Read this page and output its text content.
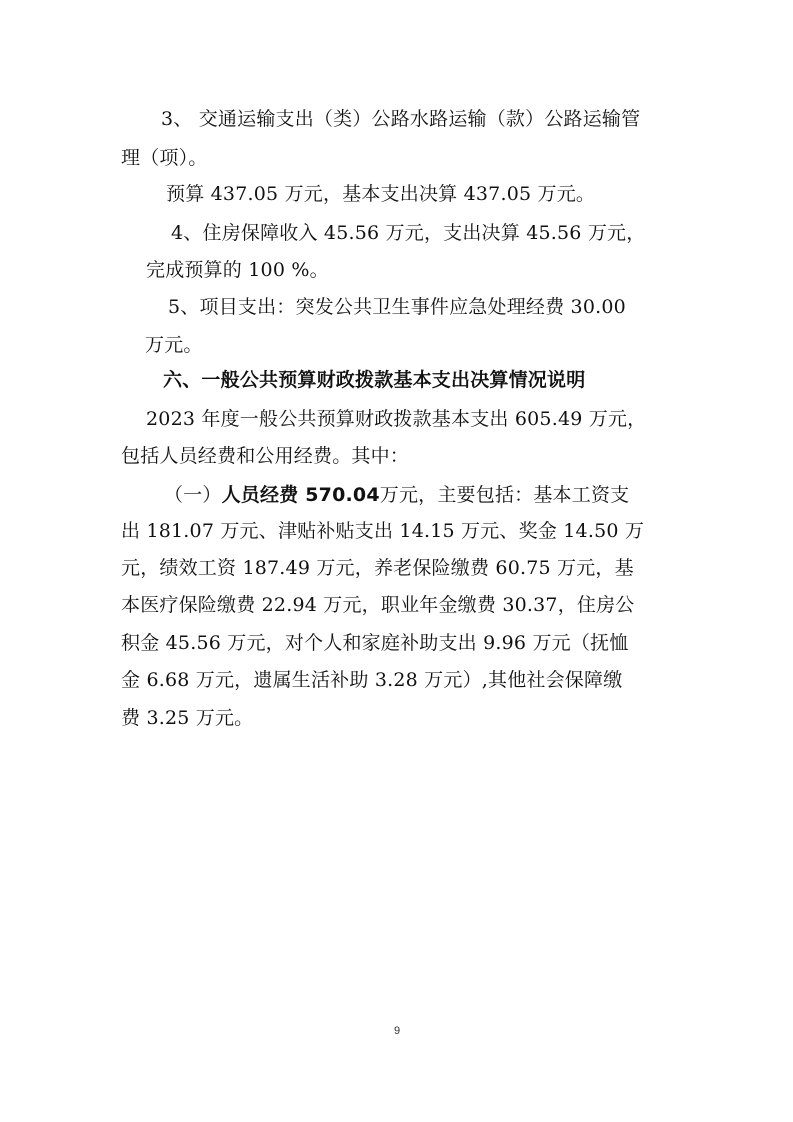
3、 交通运输支出（类）公路水路运输（款）公路运输管
理（项）。
预算 437.05 万元，基本支出决算 437.05 万元。
4、住房保障收入 45.56 万元，支出决算 45.56 万元，
完成预算的 100 %。
5、项目支出：突发公共卫生事件应急处理经费 30.00
万元。
六、一般公共预算财政拨款基本支出决算情况说明
2023 年度一般公共预算财政拨款基本支出 605.49 万元，
包括人员经费和公用经费。其中：
（一）人员经费 570.04万元，主要包括：基本工资支
出 181.07 万元、津贴补贴支出 14.15 万元、奖金 14.50 万
元，绩效工资 187.49 万元，养老保险缴费 60.75 万元，基
本医疗保险缴费 22.94 万元，职业年金缴费 30.37，住房公
积金 45.56 万元，对个人和家庭补助支出 9.96 万元（抚恤
金 6.68 万元，遗属生活补助 3.28 万元）,其他社会保障缴
费 3.25 万元。
9
